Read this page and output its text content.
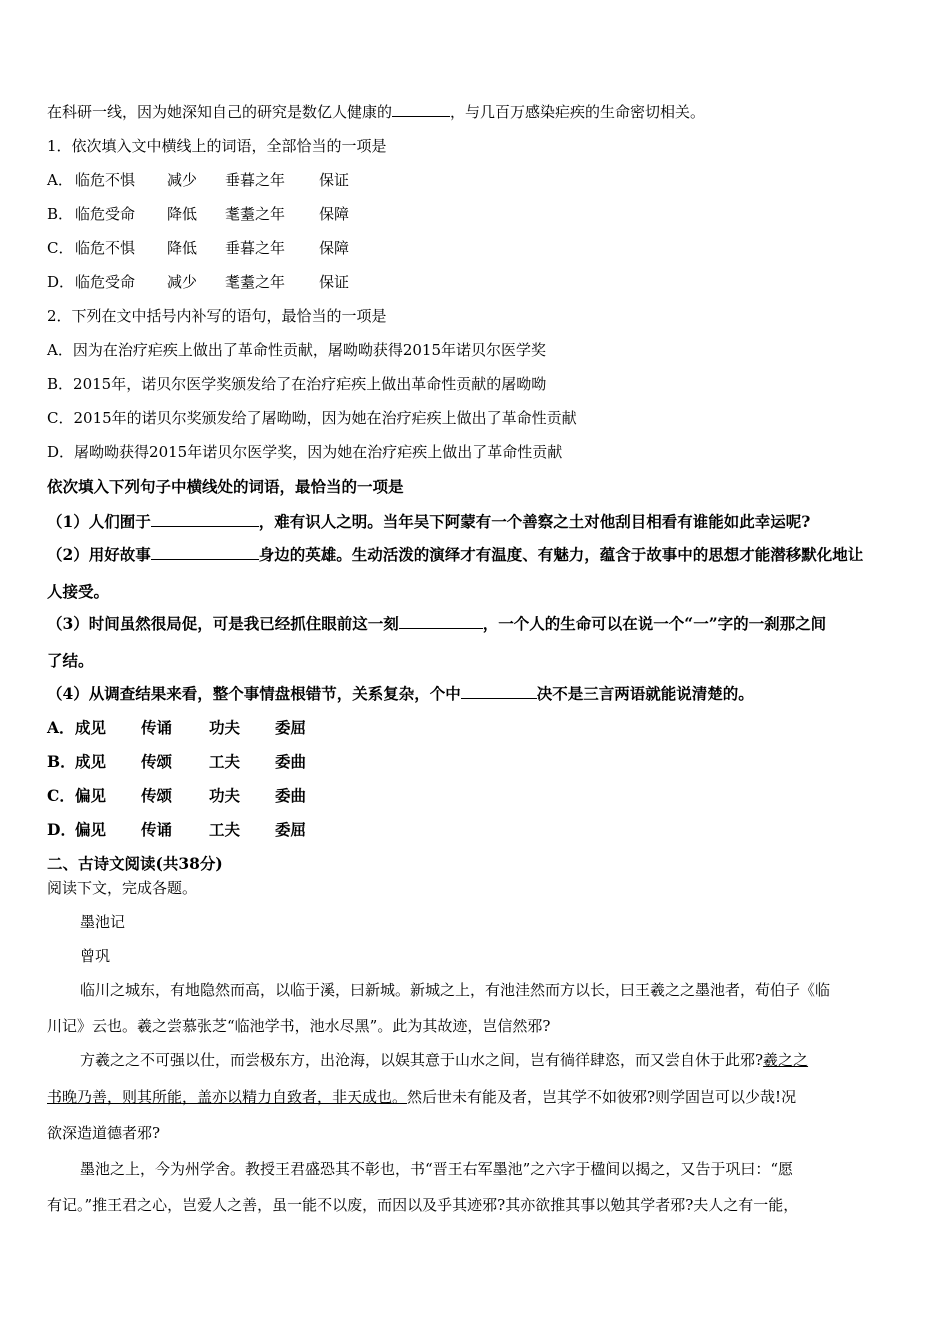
在科研一线，因为她深知自己的研究是数亿人健康的	，与几百万感染疟疾的生命密切相关。
1．依次填入文中横线上的词语，全部恰当的一项是
A． 临危不惧 减少 垂暮之年 保证
B． 临危受命 降低 耄耋之年 保障
C． 临危不惧 降低 垂暮之年 保障
D．临危受命 减少 耄耋之年 保证
2．下列在文中括号内补写的语句，最恰当的一项是
A．因为在治疗疟疾上做出了革命性贡献，屠呦呦获得2015年诺贝尔医学奖
B．2015年，诺贝尔医学奖颁发给了在治疗疟疾上做出革命性贡献的屠呦呦
C．2015年的诺贝尔奖颁发给了屠呦呦，因为她在治疗疟疾上做出了革命性贡献
D．屠呦呦获得2015年诺贝尔医学奖，因为她在治疗疟疾上做出了革命性贡献
依次填入下列句子中横线处的词语，最恰当的一项是
（1）人们囿于	，难有识人之明。当年吴下阿蒙有一个善察之土对他刮目相看有谁能如此幸运呢?
（2）用好故事	身边的英雄。生动活泼的演绎才有温度、有魅力，蕴含于故事中的思想才能潜移默化地让
人接受。
（3）时间虽然很局促，可是我已经抓住眼前这一刻	，一个人的生命可以在说一个“一”字的一刹那之间
了结。
（4）从调查结果来看，整个事情盘根错节，关系复杂，个中	决不是三言两语就能说清楚的。
A．成见 传诵 功夫 委屈
B．成见 传颂 工夫 委曲
C．偏见 传颂 功夫 委曲
D．偏见 传诵 工夫 委屈
二、古诗文阅读(共38分)
阅读下文，完成各题。
墨池记
曾巩
临川之城东，有地隐然而高，以临于溪，曰新城。新城之上，有池洼然而方以长，曰王羲之之墨池者，荀伯子《临
川记》云也。羲之尝慕张芝“临池学书，池水尽黑”。此为其故迹，岂信然邪?
方羲之之不可强以仕，而尝极东方，出沧海，以娱其意于山水之间，岂有徜徉肆恣，而又尝自休于此邪?羲之之
书晚乃善，则其所能，盖亦以精力自致者，非天成也。然后世未有能及者，岂其学不如彼邪?则学固岂可以少哉!况
欲深造道德者邪?
墨池之上，今为州学舍。教授王君盛恐其不彰也，书“晋王右军墨池”之六字于楹间以揭之，又告于巩曰：“愿
有记。”推王君之心，岂爱人之善，虽一能不以废，而因以及乎其迹邪?其亦欲推其事以勉其学者邪?夫人之有一能，
